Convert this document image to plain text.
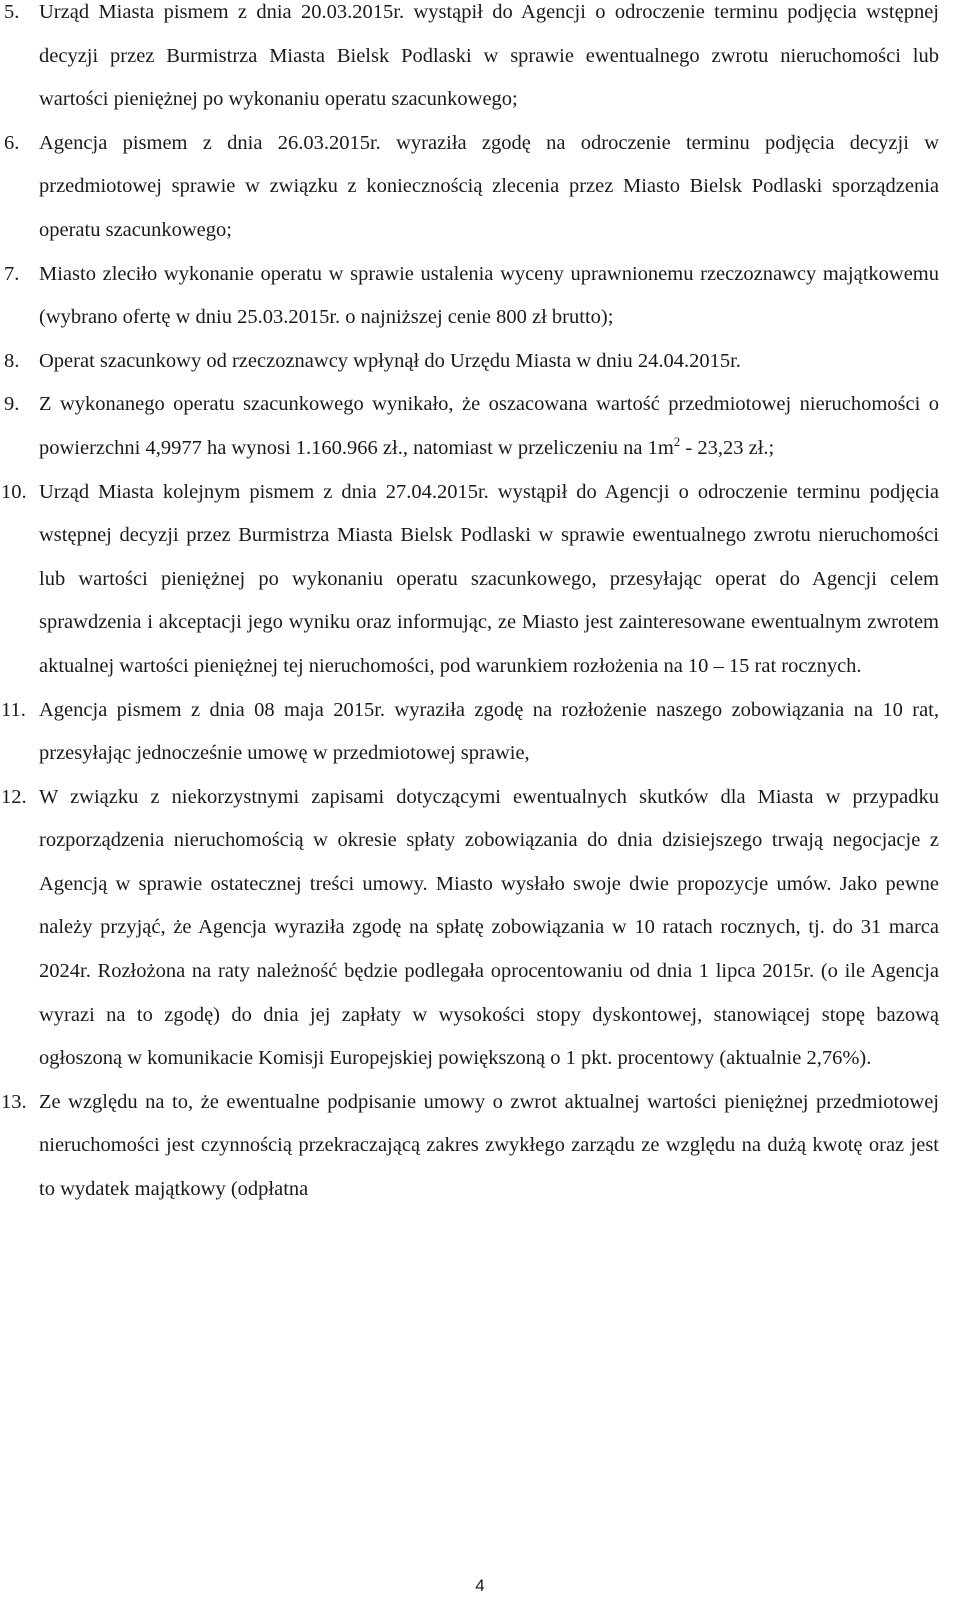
5. Urząd Miasta pismem z dnia 20.03.2015r. wystąpił do Agencji o odroczenie terminu podjęcia wstępnej decyzji przez Burmistrza Miasta Bielsk Podlaski w sprawie ewentualnego zwrotu nieruchomości lub wartości pieniężnej po wykonaniu operatu szacunkowego;
6. Agencja pismem z dnia 26.03.2015r. wyraziła zgodę na odroczenie terminu podjęcia decyzji w przedmiotowej sprawie w związku z koniecznością zlecenia przez Miasto Bielsk Podlaski sporządzenia operatu szacunkowego;
7. Miasto zleciło wykonanie operatu w sprawie ustalenia wyceny uprawnionemu rzeczoznawcy majątkowemu (wybrano ofertę w dniu 25.03.2015r. o najniższej cenie 800 zł brutto);
8. Operat szacunkowy od rzeczoznawcy wpłynął do Urzędu Miasta w dniu 24.04.2015r.
9. Z wykonanego operatu szacunkowego wynikało, że oszacowana wartość przedmiotowej nieruchomości o powierzchni 4,9977 ha wynosi 1.160.966 zł., natomiast w przeliczeniu na $1m^2 - 23,23$ zł.;
10. Urząd Miasta kolejnym pismem z dnia 27.04.2015r. wystąpił do Agencji o odroczenie terminu podjęcia wstępnej decyzji przez Burmistrza Miasta Bielsk Podlaski w sprawie ewentualnego zwrotu nieruchomości lub wartości pieniężnej po wykonaniu operatu szacunkowego, przesyłając operat do Agencji celem sprawdzenia i akceptacji jego wyniku oraz informując, ze Miasto jest zainteresowane ewentualnym zwrotem aktualnej wartości pieniężnej tej nieruchomości, pod warunkiem rozłożenia na 10 – 15 rat rocznych.
11. Agencja pismem z dnia 08 maja 2015r. wyraziła zgodę na rozłożenie naszego zobowiązania na 10 rat, przesyłając jednocześnie umowę w przedmiotowej sprawie,
12. W związku z niekorzystnymi zapisami dotyczącymi ewentualnych skutków dla Miasta w przypadku rozporządzenia nieruchomością w okresie spłaty zobowiązania do dnia dzisiejszego trwają negocjacje z Agencją w sprawie ostatecznej treści umowy. Miasto wysłało swoje dwie propozycje umów. Jako pewne należy przyjąć, że Agencja wyraziła zgodę na spłatę zobowiązania w 10 ratach rocznych, tj. do 31 marca 2024r. Rozłożona na raty należność będzie podlegała oprocentowaniu od dnia 1 lipca 2015r. (o ile Agencja wyrazi na to zgodę) do dnia jej zapłaty w wysokości stopy dyskontowej, stanowiącej stopę bazową ogłoszoną w komunikacie Komisji Europejskiej powiększoną o 1 pkt. procentowy (aktualnie 2,76%).
13. Ze względu na to, że ewentualne podpisanie umowy o zwrot aktualnej wartości pieniężnej przedmiotowej nieruchomości jest czynnością przekraczającą zakres zwykłego zarządu ze względu na dużą kwotę oraz jest to wydatek majątkowy (odpłatna
4
